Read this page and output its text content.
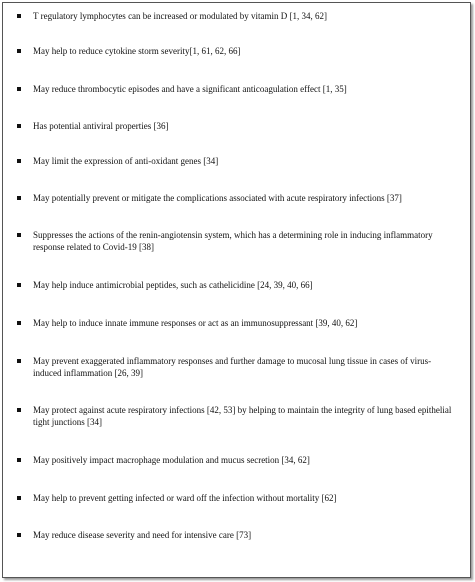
T regulatory lymphocytes can be increased or modulated by vitamin D [1, 34, 62]
May help to reduce cytokine storm severity[1, 61, 62, 66]
May reduce thrombocytic episodes and have a significant anticoagulation effect [1, 35]
Has potential antiviral properties [36]
May limit the expression of anti-oxidant genes [34]
May potentially prevent or mitigate the complications associated with acute respiratory infections [37]
Suppresses the actions of the renin-angiotensin system, which has a determining role in inducing inflammatory response related to Covid-19 [38]
May help induce antimicrobial peptides, such as cathelicidine [24, 39, 40, 66]
May help to induce innate immune responses or act as an immunosuppressant [39, 40, 62]
May prevent exaggerated inflammatory responses and further damage to mucosal lung tissue in cases of virus-induced inflammation [26, 39]
May protect against acute respiratory infections [42, 53] by helping to maintain the integrity of lung based epithelial tight junctions [34]
May positively impact macrophage modulation and mucus secretion [34, 62]
May help to prevent getting infected or ward off the infection without mortality [62]
May reduce disease severity and need for intensive care [73]
